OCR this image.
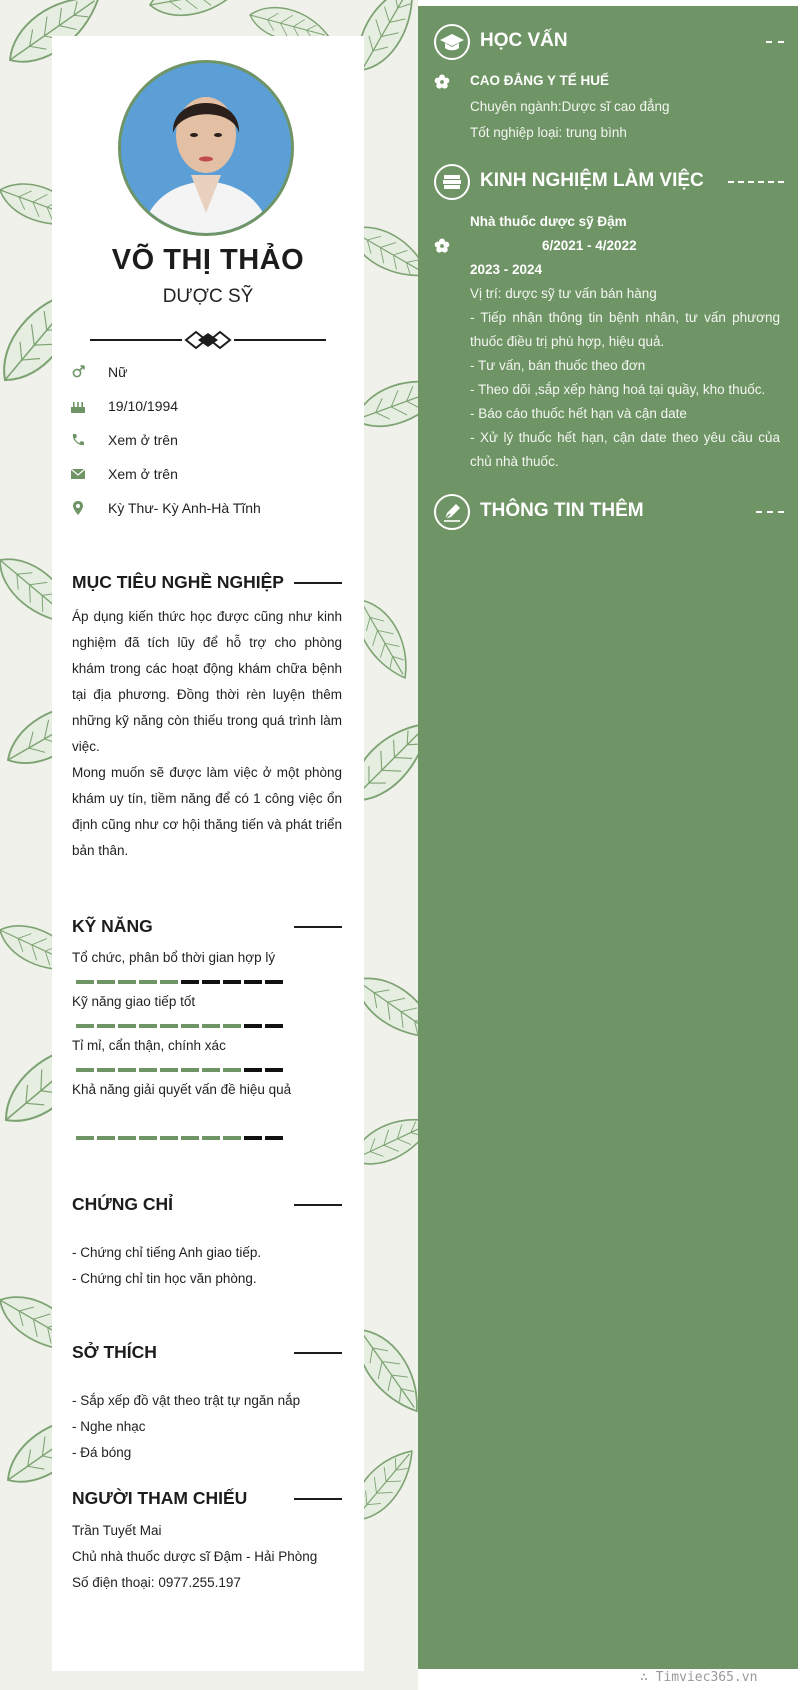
VÕ THỊ THẢO
DƯỢC SỸ
Nữ
19/10/1994
Xem ở trên
Xem ở trên
Kỳ Thư- Kỳ Anh-Hà Tĩnh
MỤC TIÊU NGHỀ NGHIỆP
Áp dụng kiến thức học được cũng như kinh nghiệm đã tích lũy để hỗ trợ cho phòng khám trong các hoạt động khám chữa bệnh tại địa phương. Đồng thời rèn luyện thêm những kỹ năng còn thiếu trong quá trình làm việc.
Mong muốn sẽ được làm việc ở một phòng khám uy tín, tiềm năng để có 1 công việc ổn định cũng như cơ hội thăng tiến và phát triển bản thân.
KỸ NĂNG
Tổ chức, phân bổ thời gian hợp lý
Kỹ năng giao tiếp tốt
Tỉ mỉ, cẩn thận, chính xác
Khả năng giải quyết vấn đề hiệu quả
CHỨNG CHỈ
- Chứng chỉ tiếng Anh giao tiếp.
- Chứng chỉ tin học văn phòng.
SỞ THÍCH
- Sắp xếp đồ vật theo trật tự ngăn nắp
- Nghe nhạc
- Đá bóng
NGƯỜI THAM CHIẾU
Trần Tuyết Mai
Chủ nhà thuốc dược sĩ Đậm - Hải Phòng
Số điện thoại: 0977.255.197
HỌC VẤN
CAO ĐẲNG Y TẾ HUẾ
Chuyên ngành:Dược sĩ cao đẳng
Tốt nghiệp loại: trung bình
KINH NGHIỆM LÀM VIỆC
Nhà thuốc dược sỹ Đậm
6/2021 - 4/2022
2023 - 2024
Vị trí: dược sỹ tư vấn bán hàng
- Tiếp nhận thông tin bệnh nhân, tư vấn phương thuốc điều trị phù hợp, hiệu quả.
- Tư vấn, bán thuốc theo đơn
- Theo dõi ,sắp xếp hàng hoá tại quầy, kho thuốc.
- Báo cáo thuốc hết hạn và cận date
- Xử lý thuốc hết hạn, cận date theo yêu cầu của chủ nhà thuốc.
THÔNG TIN THÊM
∴ Timviec365.vn
